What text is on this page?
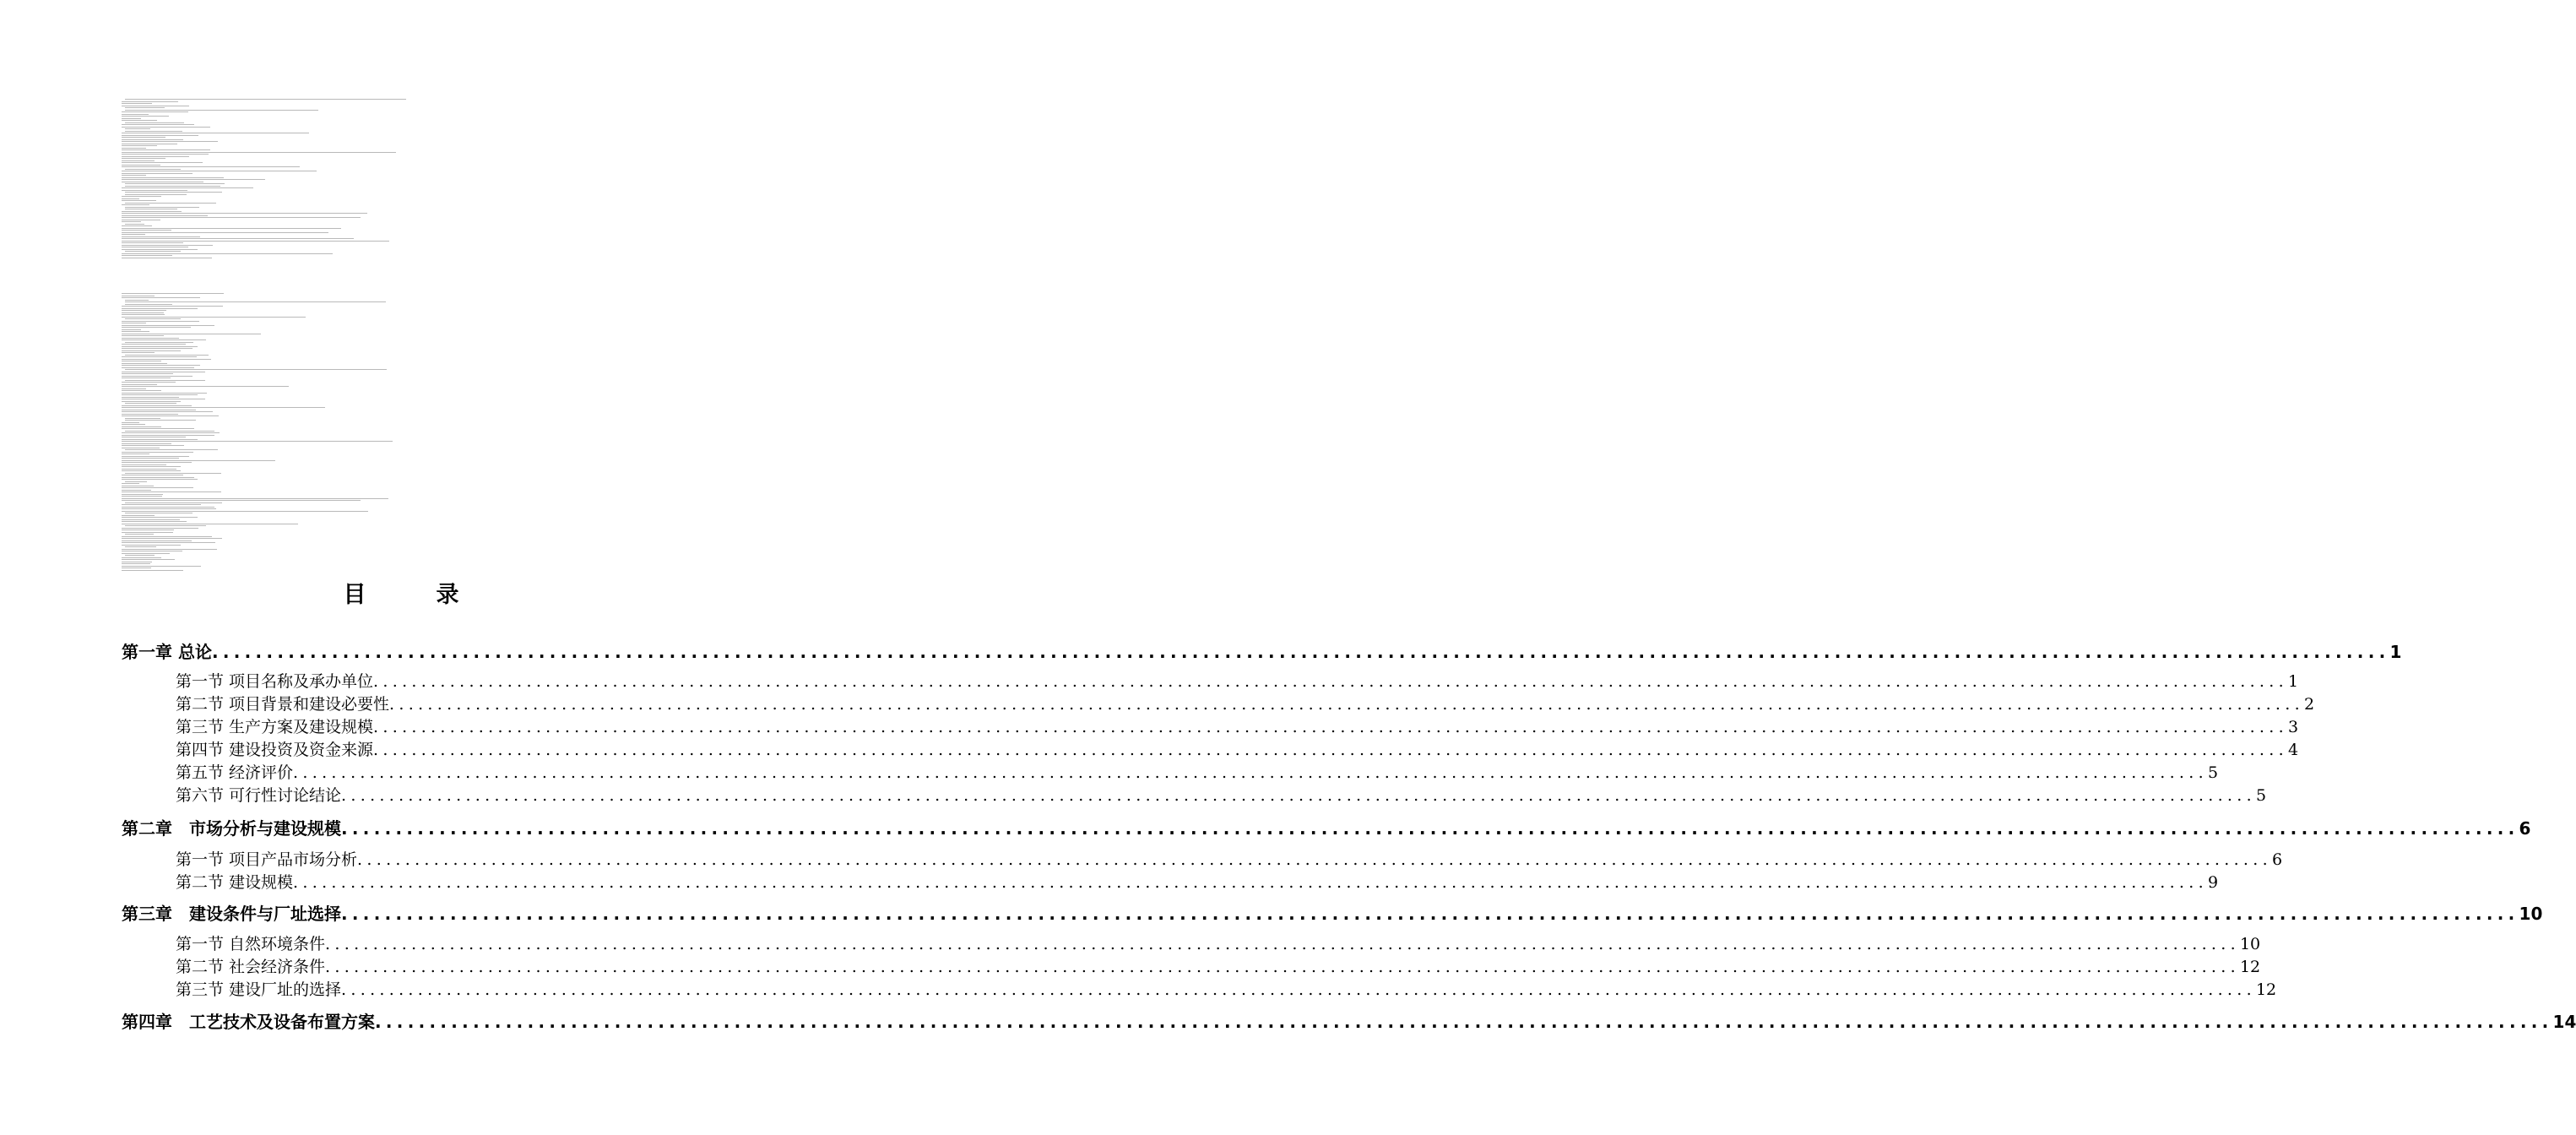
目　录
第一章 总论 ........................................................................................................................................................................................................ 1
第一节 项目名称及承办单位 ........................................................................................................................................................................................................ 1
第二节 项目背景和建设必要性 ........................................................................................................................................................................................................ 2
第三节 生产方案及建设规模 ........................................................................................................................................................................................................ 3
第四节 建设投资及资金来源 ........................................................................................................................................................................................................ 4
第五节 经济评价 ........................................................................................................................................................................................................ 5
第六节 可行性讨论结论 ........................................................................................................................................................................................................ 5
第二章　市场分析与建设规模 ........................................................................................................................................................................................................ 6
第一节 项目产品市场分析 ........................................................................................................................................................................................................ 6
第二节 建设规模 ........................................................................................................................................................................................................ 9
第三章　建设条件与厂址选择 ........................................................................................................................................................................................................ 10
第一节 自然环境条件 ........................................................................................................................................................................................................ 10
第二节 社会经济条件 ........................................................................................................................................................................................................ 12
第三节 建设厂址的选择 ........................................................................................................................................................................................................ 12
第四章　工艺技术及设备布置方案 ........................................................................................................................................................................................................ 14
